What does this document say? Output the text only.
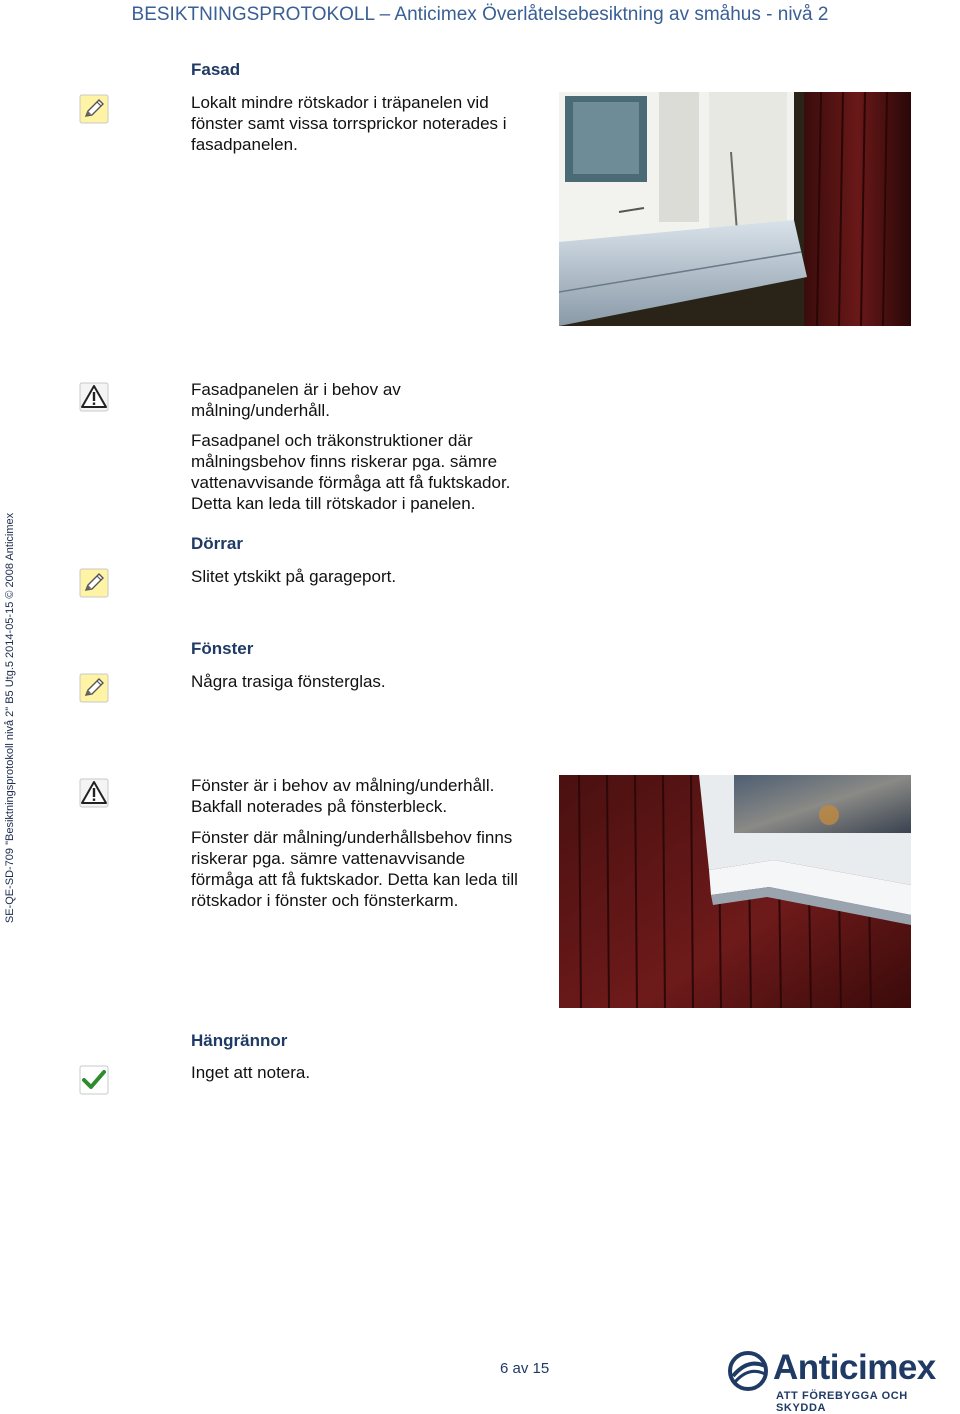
BESIKTNINGSPROTOKOLL – Anticimex Överlåtelsebesiktning av småhus - nivå 2
SE-QE-SD-709 "Besiktningsprotokoll nivå 2" B5 Utg.5 2014-05-15 © 2008 Anticimex
Fasad
Lokalt mindre rötskador i träpanelen vid
fönster samt vissa torrsprickor noterades i
fasadpanelen.
Fasadpanelen är i behov av
målning/underhåll.
Fasadpanel och träkonstruktioner där
målningsbehov finns riskerar pga. sämre
vattenavvisande förmåga att få fuktskador.
Detta kan leda till rötskador i panelen.
Dörrar
Slitet ytskikt på garageport.
Fönster
Några trasiga fönsterglas.
Fönster är i behov av målning/underhåll.
Bakfall noterades på fönsterbleck.
Fönster där målning/underhållsbehov finns
riskerar pga. sämre vattenavvisande
förmåga att få fuktskador. Detta kan leda till
rötskador i fönster och fönsterkarm.
Hängrännor
Inget att notera.
6 av 15	Anticimex
ATT FÖREBYGGA OCH SKYDDA
